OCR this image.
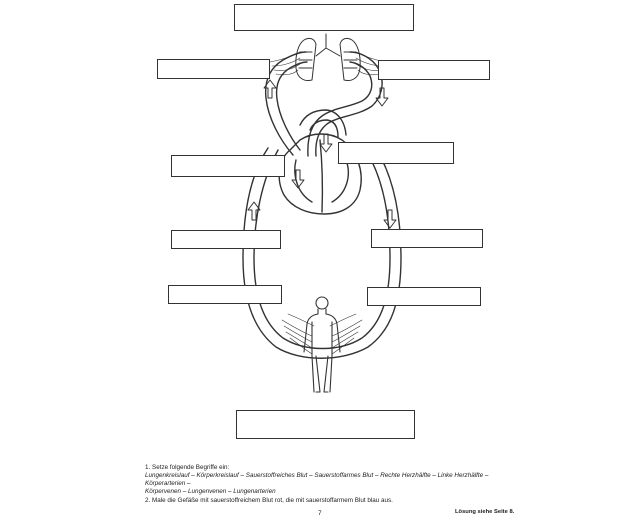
1. Setze folgende Begriffe ein:
Lungenkreislauf – Körperkreislauf – Sauerstoffreiches Blut – Sauerstoffarmes Blut – Rechte Herzhälfte – Linke Herzhälfte – Körperarterien –
Körpervenen – Lungenvenen – Lungenarterien
2. Male die Gefäße mit sauerstoffreichem Blut rot, die mit sauerstoffarmem Blut blau aus.
7	Lösung siehe Seite 8.
